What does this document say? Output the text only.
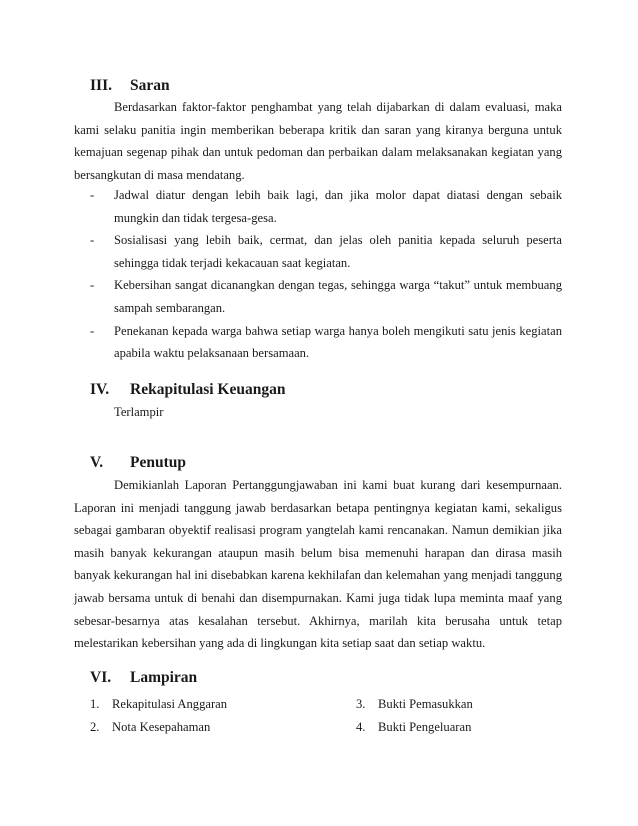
III. Saran

Berdasarkan faktor-faktor penghambat yang telah dijabarkan di dalam evaluasi, maka kami selaku panitia ingin memberikan beberapa kritik dan saran yang kiranya berguna untuk kemajuan segenap pihak dan untuk pedoman dan perbaikan dalam melaksanakan kegiatan yang bersangkutan di masa mendatang.

- Jadwal diatur dengan lebih baik lagi, dan jika molor dapat diatasi dengan sebaik mungkin dan tidak tergesa-gesa.
- Sosialisasi yang lebih baik, cermat, dan jelas oleh panitia kepada seluruh peserta sehingga tidak terjadi kekacauan saat kegiatan.
- Kebersihan sangat dicanangkan dengan tegas, sehingga warga “takut” untuk membuang sampah sembarangan.
- Penekanan kepada warga bahwa setiap warga hanya boleh mengikuti satu jenis kegiatan apabila waktu pelaksanaan bersamaan.
IV. Rekapitulasi Keuangan
Terlampir
V. Penutup

Demikianlah Laporan Pertanggungjawaban ini kami buat kurang dari kesempurnaan. Laporan ini menjadi tanggung jawab berdasarkan betapa pentingnya kegiatan kami, sekaligus sebagai gambaran obyektif realisasi program yangtelah kami rencanakan. Namun demikian jika masih banyak kekurangan ataupun masih belum bisa memenuhi harapan dan dirasa masih banyak kekurangan hal ini disebabkan karena kekhilafan dan kelemahan yang menjadi tanggung jawab bersama untuk di benahi dan disempurnakan. Kami juga tidak lupa meminta maaf yang sebesar-besarnya atas kesalahan tersebut. Akhirnya, marilah kita berusaha untuk tetap melestarikan kebersihan yang ada di lingkungan kita setiap saat dan setiap waktu.

VI. Lampiran
1. Rekapitulasi Anggaran
2. Nota Kesepahaman
3. Bukti Pemasukkan
4. Bukti Pengeluaran
